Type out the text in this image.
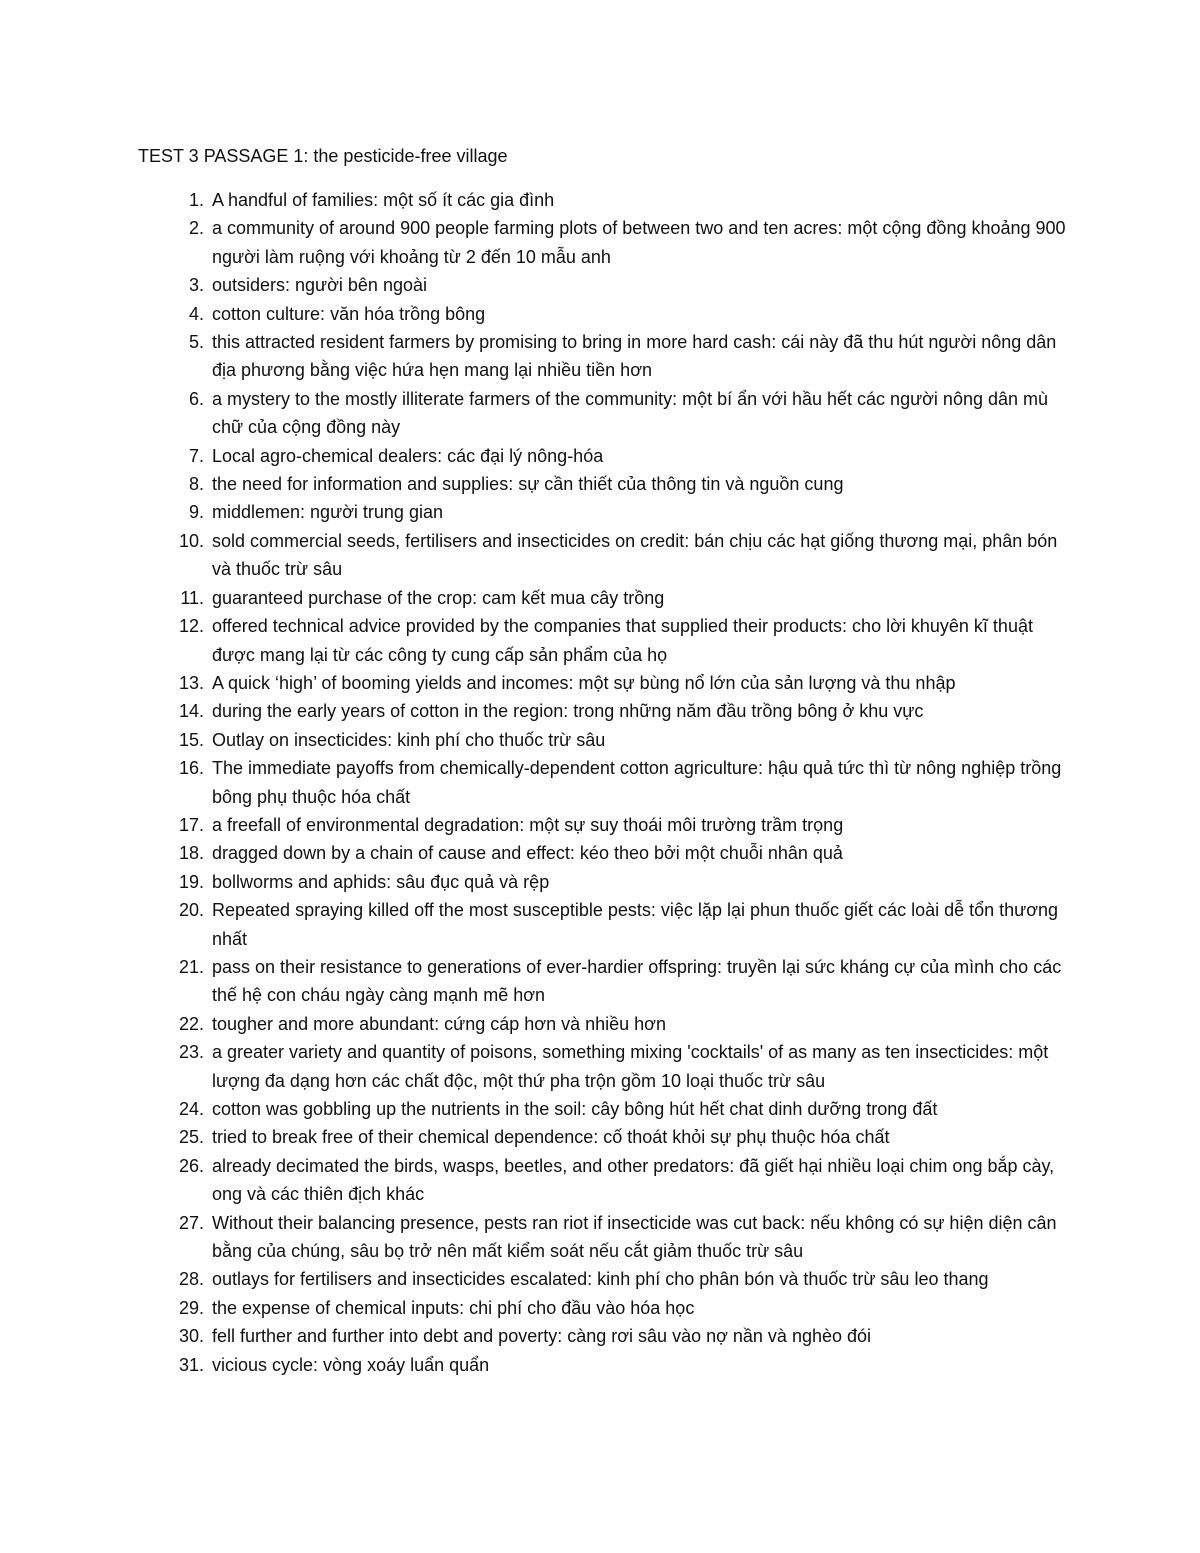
TEST 3 PASSAGE 1: the pesticide-free village
1. A handful of families: một số ít các gia đình
2. a community of around 900 people farming plots of between two and ten acres: một cộng đồng khoảng 900 người làm ruộng với khoảng từ 2 đến 10 mẫu anh
3. outsiders: người bên ngoài
4. cotton culture: văn hóa trồng bông
5. this attracted resident farmers by promising to bring in more hard cash: cái này đã thu hút người nông dân địa phương bằng việc hứa hẹn mang lại nhiều tiền hơn
6. a mystery to the mostly illiterate farmers of the community: một bí ẩn với hầu hết các người nông dân mù chữ của cộng đồng này
7. Local agro-chemical dealers: các đại lý nông-hóa
8. the need for information and supplies: sự cần thiết của thông tin và nguồn cung
9. middlemen: người trung gian
10. sold commercial seeds, fertilisers and insecticides on credit: bán chịu các hạt giống thương mại, phân bón và thuốc trừ sâu
11. guaranteed purchase of the crop: cam kết mua cây trồng
12. offered technical advice provided by the companies that supplied their products: cho lời khuyên kĩ thuật được mang lại từ các công ty cung cấp sản phẩm của họ
13. A quick ‘high’ of booming yields and incomes: một sự bùng nổ lớn của sản lượng và thu nhập
14. during the early years of cotton in the region: trong những năm đầu trồng bông ở khu vực
15. Outlay on insecticides: kinh phí cho thuốc trừ sâu
16. The immediate payoffs from chemically-dependent cotton agriculture: hậu quả tức thì từ nông nghiệp trồng bông phụ thuộc hóa chất
17. a freefall of environmental degradation: một sự suy thoái môi trường trầm trọng
18. dragged down by a chain of cause and effect: kéo theo bởi một chuỗi nhân quả
19. bollworms and aphids: sâu đục quả và rệp
20. Repeated spraying killed off the most susceptible pests: việc lặp lại phun thuốc giết các loài dễ tổn thương nhất
21. pass on their resistance to generations of ever-hardier offspring: truyền lại sức kháng cự của mình cho các thế hệ con cháu ngày càng mạnh mẽ hơn
22. tougher and more abundant: cứng cáp hơn và nhiều hơn
23. a greater variety and quantity of poisons, something mixing 'cocktails' of as many as ten insecticides: một lượng đa dạng hơn các chất độc, một thứ pha trộn gồm 10 loại thuốc trừ sâu
24. cotton was gobbling up the nutrients in the soil: cây bông hút hết chat dinh dưỡng trong đất
25. tried to break free of their chemical dependence: cố thoát khỏi sự phụ thuộc hóa chất
26. already decimated the birds, wasps, beetles, and other predators: đã giết hại nhiều loại chim ong bắp cày, ong và các thiên địch khác
27. Without their balancing presence, pests ran riot if insecticide was cut back: nếu không có sự hiện diện cân bằng của chúng, sâu bọ trở nên mất kiểm soát nếu cắt giảm thuốc trừ sâu
28. outlays for fertilisers and insecticides escalated: kinh phí cho phân bón và thuốc trừ sâu leo thang
29. the expense of chemical inputs: chi phí cho đầu vào hóa học
30. fell further and further into debt and poverty: càng rơi sâu vào nợ nần và nghèo đói
31. vicious cycle: vòng xoáy luẩn quẩn
